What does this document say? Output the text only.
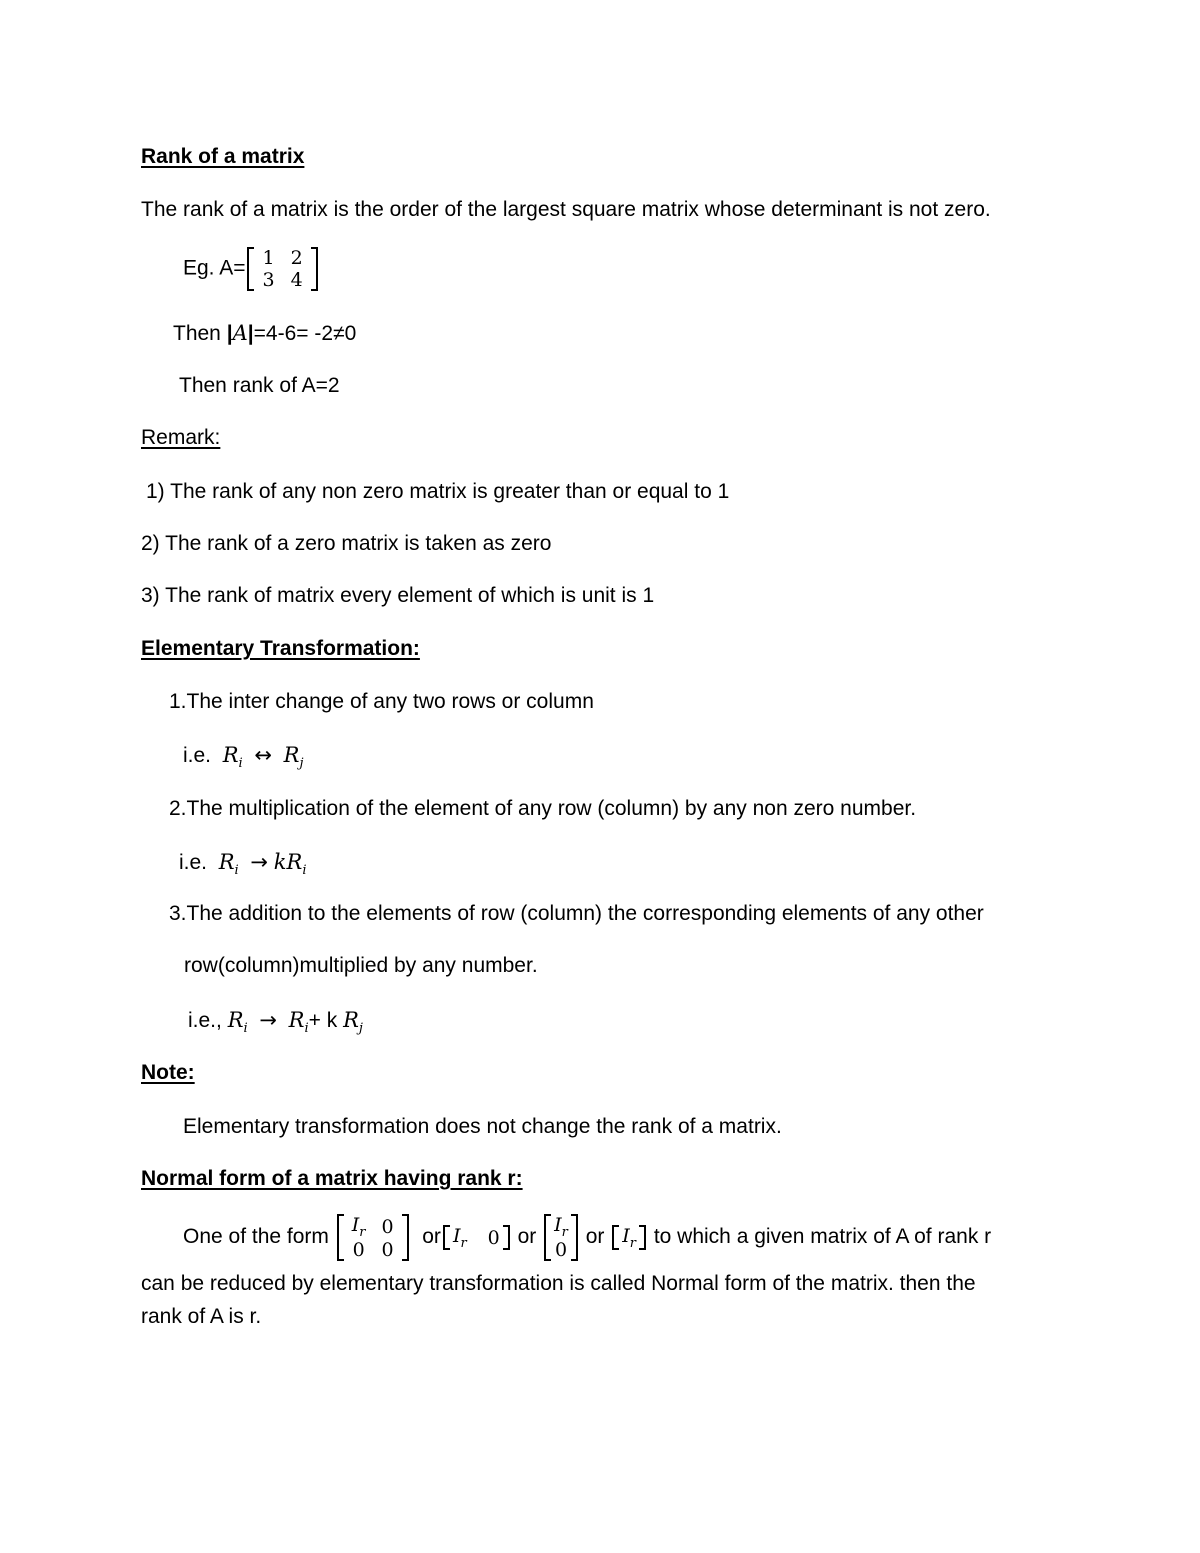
Rank of a matrix
The rank of a matrix is the order of the largest square matrix whose determinant is not zero.
Eg. A= 1	2
3	4
Then |A|=4-6= -2≠0
Then rank of A=2
Remark:
1) The rank of any non zero matrix is greater than or equal to 1
2) The rank of a zero matrix is taken as zero
3) The rank of matrix every element of which is unit is 1
Elementary Transformation:
1.The inter change of any two rows or column
i.e. $R_i$ ↔ $R_j$
2.The multiplication of the element of any row (column) by any non zero number.
i.e. $R_i \to kR_i$
3.The addition to the elements of row (column) the corresponding elements of any other
row(column)multiplied by any number.
i.e., $R_i \to R_i+ k$ $R_j$
Note:
Elementary transformation does not change the rank of a matrix.
Normal form of a matrix having rank r:
One of the form
$I_r$	0
0	0
or $I_r$	0 or
$I_r$
0
or $I_r$ to which a given matrix of A of rank r
can be reduced by elementary transformation is called Normal form of the matrix. then the
rank of A is r.
